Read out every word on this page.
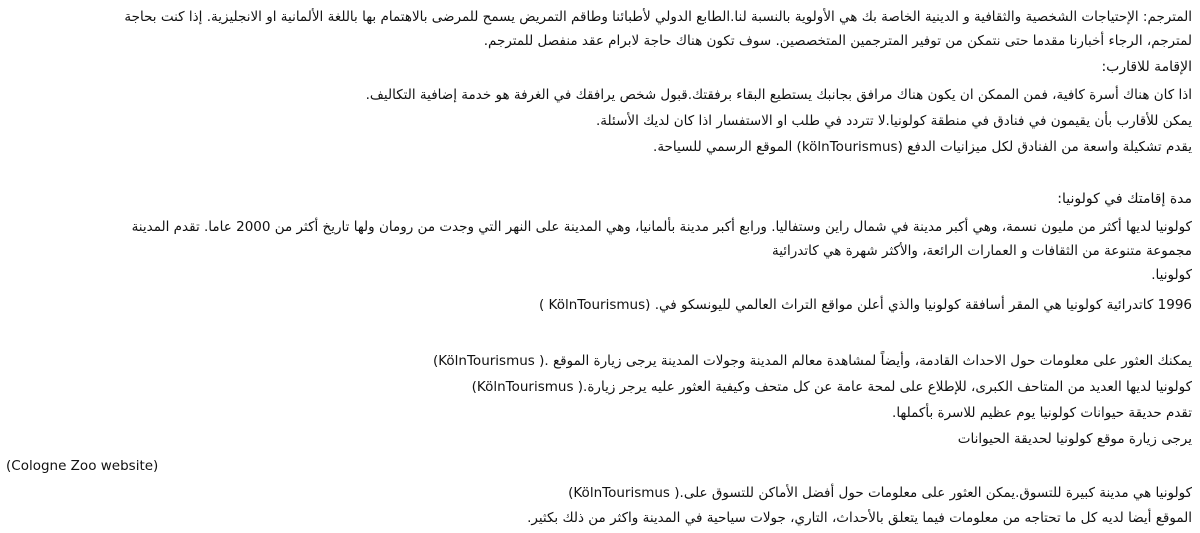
المترجم: الإحتياجات الشخصية والثقافية و الدينية الخاصة بك هي الأولوية بالنسبة لنا.الطابع الدولي لأطبائنا وطاقم التمريض يسمح للمرضى بالاهتمام بها باللغة الألمانية او الانجليزية. إذا كنت بحاجة
لمترجم، الرجاء أخبارنا مقدما حتى نتمكن من توفير المترجمين المتخصصين. سوف تكون هناك حاجة لابرام عقد منفصل للمترجم.
الإقامة للاقارب:
اذا كان هناك أسرة كافية، فمن الممكن ان يكون هناك مرافق بجانبك يستطيع البقاء برفقتك.قبول شخص يرافقك في الغرفة هو خدمة إضافية التكاليف.
يمكن للأقارب بأن يقيمون في فنادق في منطقة كولونيا.لا تتردد في طلب او الاستفسار اذا كان لديك الأسئلة.
يقدم تشكيلة واسعة من الفنادق لكل ميزانيات الدفع (kölnTourismus) الموقع الرسمي للسياحة.
مدة إقامتك في كولونيا:
كولونيا لديها أكثر من مليون نسمة، وهي أكبر مدينة في شمال راين وستفاليا. ورابع أكبر مدينة بألمانيا، وهي المدينة على النهر التي وجدت من رومان ولها تاريخ أكثر من 2000 عاما. تقدم المدينة
مجموعة متنوعة من الثقافات و العمارات الرائعة، والأكثر شهرة هي كاتدرائية
كولونيا.
1996 كاتدرائية كولونيا هي المقر أسافقة كولونيا والذي أعلن مواقع التراث العالمي لليونسكو في. (KölnTourismus )
(KölnTourismus ). يمكنك العثور على معلومات حول الاحداث القادمة، وأيضاً لمشاهدة معالم المدينة وجولات المدينة يرجى زيارة الموقع
(KölnTourismus ).كولونيا لديها العديد من المتاحف الكبرى، للإطلاع على لمحة عامة عن كل متحف وكيفية العثور عليه يرجر زيارة
تقدم حديقة حيوانات كولونيا يوم عظيم للاسرة بأكملها.
يرجى زيارة موقع كولونيا لحديقة الحيوانات
(Cologne Zoo website)
(KölnTourismus ).كولونيا هي مدينة كبيرة للتسوق.يمكن العثور على معلومات حول أفضل الأماكن للتسوق على
الموقع أيضا لديه كل ما تحتاجه من معلومات فيما يتعلق بالأحداث، التاري، جولات سياحية في المدينة واكثر من ذلك بكثير.
